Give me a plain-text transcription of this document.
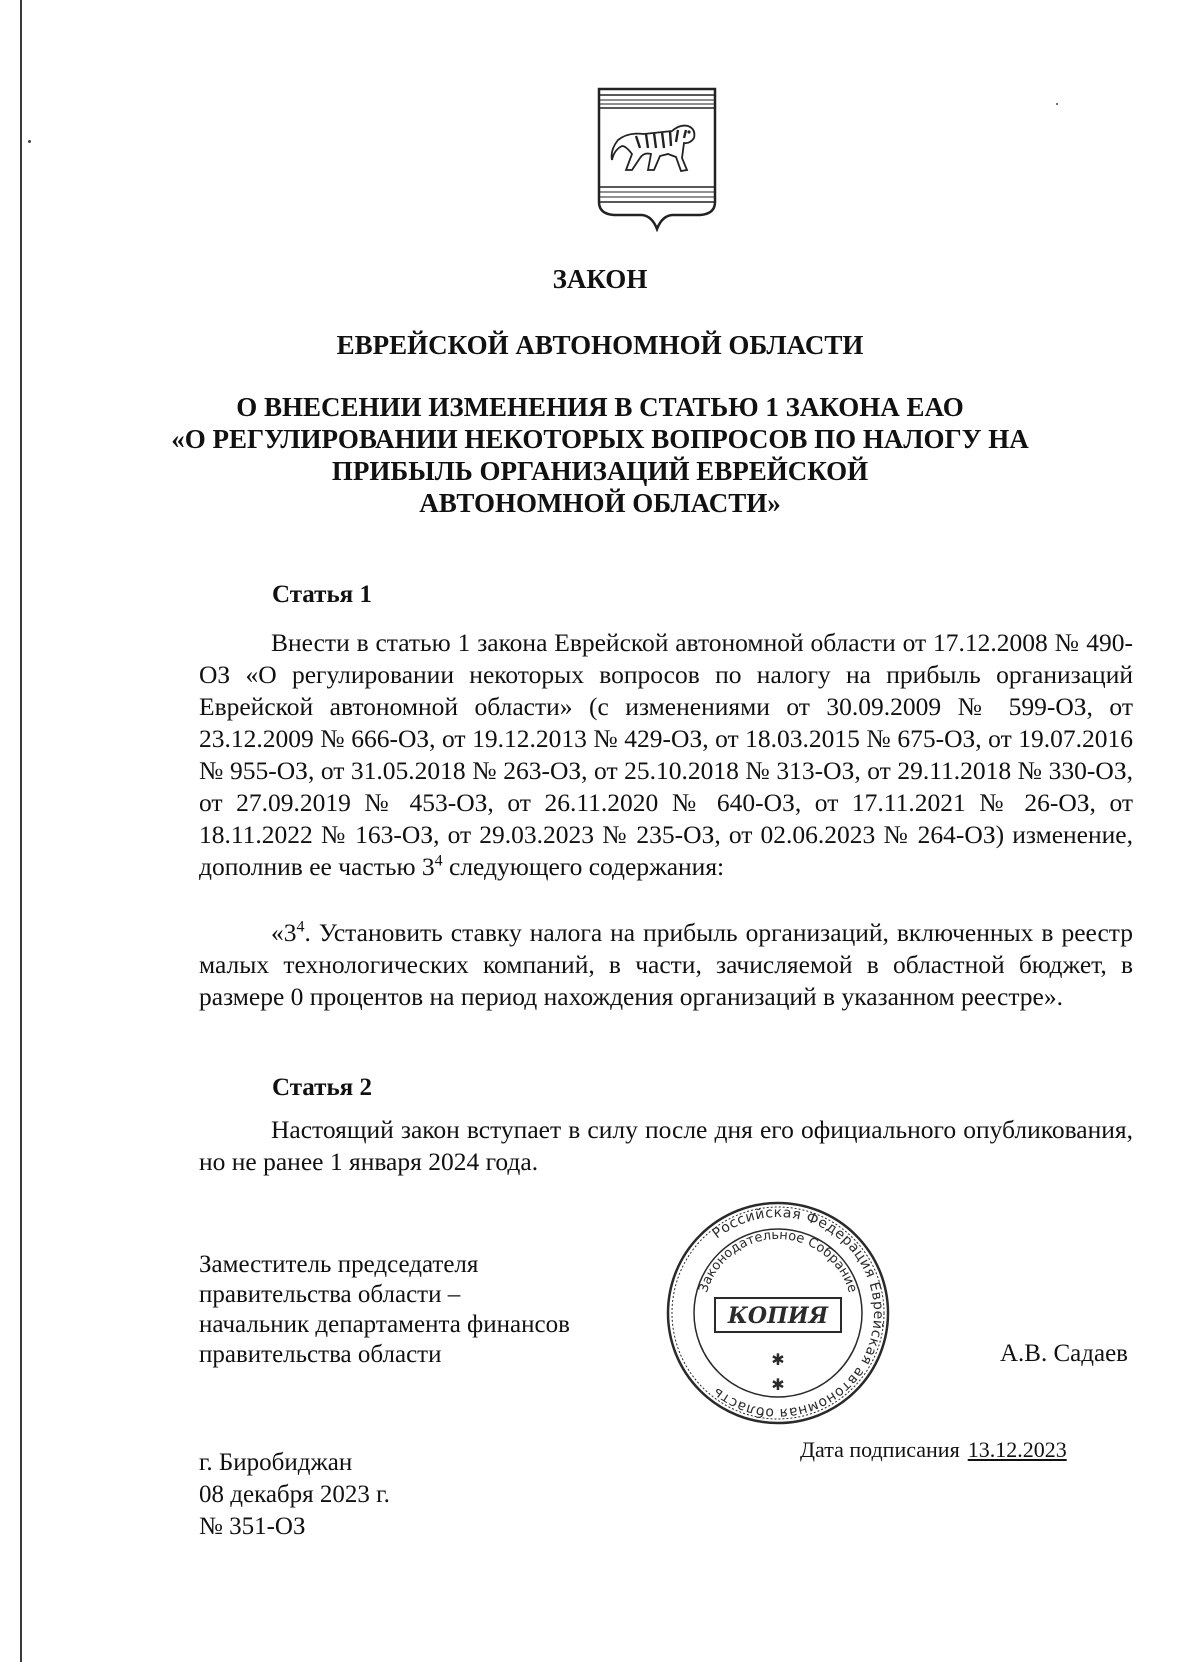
ЗАКОН
ЕВРЕЙСКОЙ АВТОНОМНОЙ ОБЛАСТИ
О ВНЕСЕНИИ ИЗМЕНЕНИЯ В СТАТЬЮ 1 ЗАКОНА ЕАО
«О РЕГУЛИРОВАНИИ НЕКОТОРЫХ ВОПРОСОВ ПО НАЛОГУ НА
ПРИБЫЛЬ ОРГАНИЗАЦИЙ ЕВРЕЙСКОЙ
АВТОНОМНОЙ ОБЛАСТИ»
Статья 1

Внести в статью 1 закона Еврейской автономной области от 17.12.2008 № 490-ОЗ «О регулировании некоторых вопросов по налогу на прибыль организаций Еврейской автономной области» (с изменениями от 30.09.2009 № 599-ОЗ, от 23.12.2009 № 666-ОЗ, от 19.12.2013 № 429-ОЗ, от 18.03.2015 № 675-ОЗ, от 19.07.2016 № 955-ОЗ, от 31.05.2018 № 263-ОЗ, от 25.10.2018 № 313-ОЗ, от 29.11.2018 № 330-ОЗ, от 27.09.2019 № 453-ОЗ, от 26.11.2020 № 640-ОЗ, от 17.11.2021 № 26-ОЗ, от 18.11.2022 № 163-ОЗ, от 29.03.2023 № 235-ОЗ, от 02.06.2023 № 264-ОЗ) изменение, дополнив ее частью $3^4$ следующего содержания:

«$3^4$. Установить ставку налога на прибыль организаций, включенных в реестр малых технологических компаний, в части, зачисляемой в областной бюджет, в размере 0 процентов на период нахождения организаций в указанном реестре».

Статья 2

Настоящий закон вступает в силу после дня его официального опубликования, но не ранее 1 января 2024 года.

Заместитель председателя
правительства области –
начальник департамента финансов
правительства области
Российская Федерация Еврейская автономная область
Законодательное Собрание
КОПИЯ
✱
✱
А.В. Садаев
Дата подписания 13.12.2023
г. Биробиджан
08 декабря 2023 г.
№ 351-ОЗ
